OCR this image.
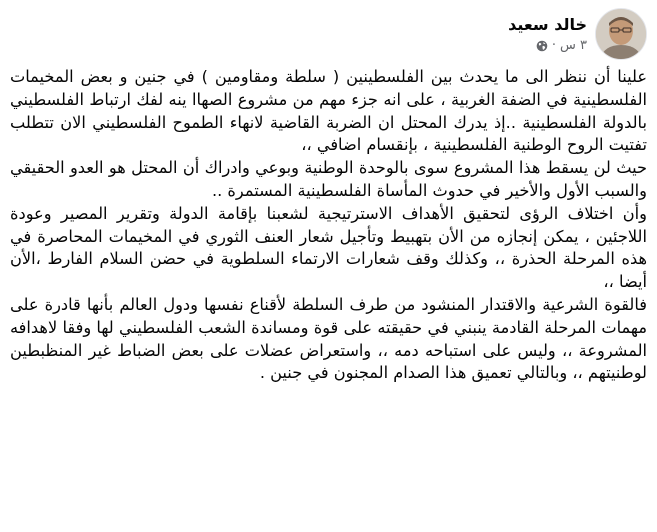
خالد سعيد
٣ س
·

علينا أن ننظر الى ما يحدث بين الفلسطينين ( سلطة ومقاومين ) في جنين و بعض المخيمات الفلسطينية في الضفة الغربية ، على انه جزء مهم من مشروع الصهاا ينه لفك ارتباط الفلسطيني بالدولة الفلسطينية ..إذ يدرك المحتل ان الضربة القاضية لانهاء الطموح الفلسطيني الان تتطلب تفتيت الروح الوطنية الفلسطينية ، بإنقسام اضافي ،،

حيث لن يسقط هذا المشروع سوى بالوحدة الوطنية وبوعي وادراك أن المحتل هو العدو الحقيقي والسبب الأول والأخير في حدوث المأساة الفلسطينية المستمرة ..

وأن اختلاف الرؤى لتحقيق الأهداف الاسترتيجية لشعبنا بإقامة الدولة وتقرير المصير وعودة اللاجئين ، يمكن إنجازه من الأن بتهبيط وتأجيل شعار العنف الثوري في المخيمات المحاصرة في هذه المرحلة الحذرة ،، وكذلك وقف شعارات الارتماء السلطوية في حضن السلام الفارط ،الأن أيضا ،،

فالقوة الشرعية والاقتدار المنشود من طرف السلطة لأقناع نفسها ودول العالم بأنها قادرة على مهمات المرحلة القادمة ينبني في حقيقته على قوة ومساندة الشعب الفلسطيني لها وفقا لاهدافه المشروعة ،، وليس على استباحه دمه ،، واستعراض عضلات على بعض الضباط غير المنظبطين لوطنيتهم ،، وبالتالي تعميق هذا الصدام المجنون في جنين .
